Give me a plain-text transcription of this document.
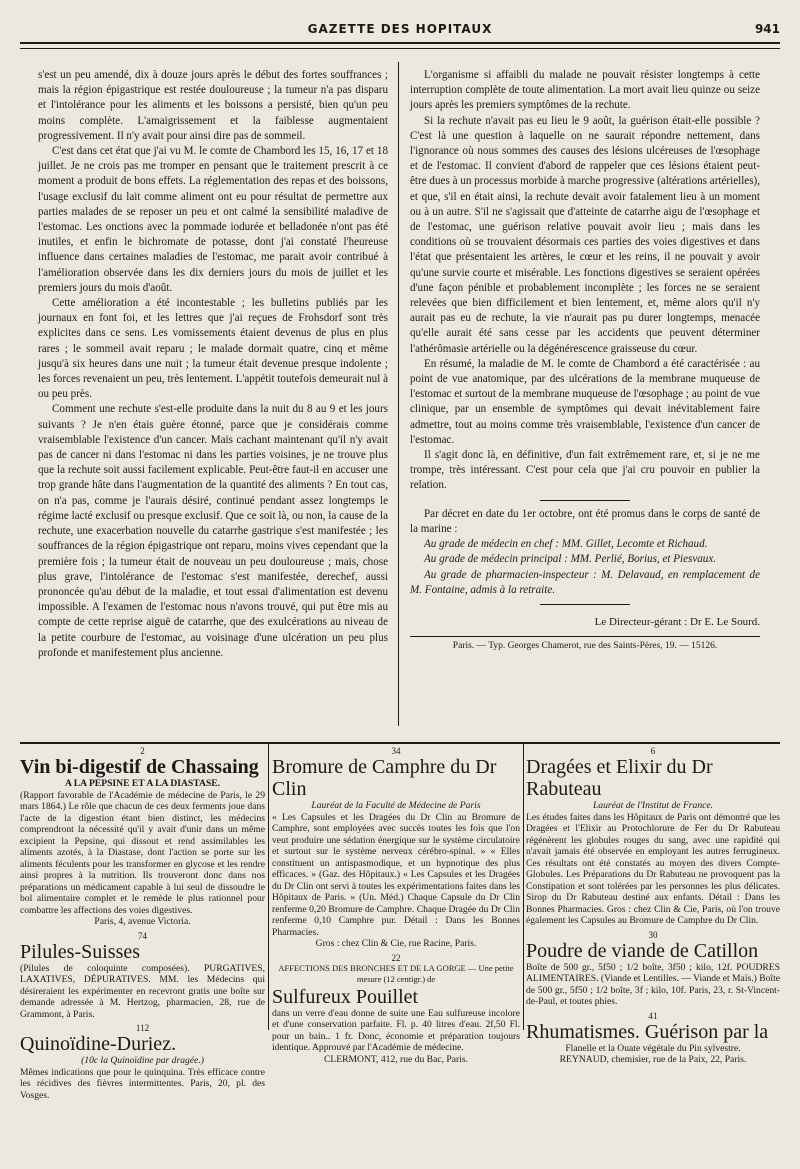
GAZETTE DES HOPITAUX	941

s'est un peu amendé, dix à douze jours après le début des fortes souffrances ; mais la région épigastrique est restée douloureuse ; la tumeur n'a pas disparu et l'intolérance pour les aliments et les boissons a persisté, bien qu'un peu moins complète. L'amaigrissement et la faiblesse augmentaient progressivement. Il n'y avait pour ainsi dire pas de sommeil.

C'est dans cet état que j'ai vu M. le comte de Chambord les 15, 16, 17 et 18 juillet. Je ne crois pas me tromper en pensant que le traitement prescrit à ce moment a produit de bons effets. La réglementation des repas et des boissons, l'usage exclusif du lait comme aliment ont eu pour résultat de permettre aux parties malades de se reposer un peu et ont calmé la sensibilité maladive de l'estomac. Les onctions avec la pommade iodurée et belladonée n'ont pas été inutiles, et enfin le bichromate de potasse, dont j'ai constaté l'heureuse influence dans certaines maladies de l'estomac, me parait avoir contribué à l'amélioration observée dans les dix derniers jours du mois de juillet et les premiers jours du mois d'août.

Cette amélioration a été incontestable ; les bulletins publiés par les journaux en font foi, et les lettres que j'ai reçues de Frohsdorf sont très explicites dans ce sens. Les vomissements étaient devenus de plus en plus rares ; le sommeil avait reparu ; le malade dormait quatre, cinq et même jusqu'à six heures dans une nuit ; la tumeur était devenue presque indolente ; les forces revenaient un peu, très lentement. L'appétit toutefois demeurait nul à ou peu près.

Comment une rechute s'est-elle produite dans la nuit du 8 au 9 et les jours suivants ? Je n'en étais guère étonné, parce que je considérais comme vraisemblable l'existence d'un cancer. Mais cachant maintenant qu'il n'y avait pas de cancer ni dans l'estomac ni dans les parties voisines, je ne trouve plus que la rechute soit aussi facilement explicable. Peut-être faut-il en accuser une trop grande hâte dans l'augmentation de la quantité des aliments ? En tout cas, on n'a pas, comme je l'aurais désiré, continué pendant assez longtemps le régime lacté exclusif ou presque exclusif. Que ce soit là, ou non, la cause de la rechute, une exacerbation nouvelle du catarrhe gastrique s'est manifestée ; les souffrances de la région épigastrique ont reparu, moins vives cependant que la première fois ; la tumeur était de nouveau un peu douloureuse ; mais, chose plus grave, l'intolérance de l'estomac s'est manifestée, derechef, aussi prononcée qu'au début de la maladie, et tout essai d'alimentation est devenu impossible. A l'examen de l'estomac nous n'avons trouvé, qui put être mis au compte de cette reprise aiguë de catarrhe, que des exulcérations au niveau de la petite courbure de l'estomac, au voisinage d'une ulcération un peu plus profonde et manifestement plus ancienne.

L'organisme si affaibli du malade ne pouvait résister longtemps à cette interruption complète de toute alimentation. La mort avait lieu quinze ou seize jours après les premiers symptômes de la rechute.

Si la rechute n'avait pas eu lieu le 9 août, la guérison était-elle possible ? C'est là une question à laquelle on ne saurait répondre nettement, dans l'ignorance où nous sommes des causes des lésions ulcéreuses de l'œsophage et de l'estomac. Il convient d'abord de rappeler que ces lésions étaient peut-être dues à un processus morbide à marche progressive (altérations artérielles), et que, s'il en était ainsi, la rechute devait avoir fatalement lieu à un moment ou à un autre. S'il ne s'agissait que d'atteinte de catarrhe aigu de l'œsophage et de l'estomac, une guérison relative pouvait avoir lieu ; mais dans les conditions où se trouvaient désormais ces parties des voies digestives et dans l'état que présentaient les artères, le cœur et les reins, il ne pouvait y avoir qu'une survie courte et misérable. Les fonctions digestives se seraient opérées d'une façon pénible et probablement incomplète ; les forces ne se seraient relevées que bien difficilement et bien lentement, et, même alors qu'il n'y aurait pas eu de rechute, la vie n'aurait pas pu durer longtemps, menacée qu'elle aurait été sans cesse par les accidents que peuvent déterminer l'athérômasie artérielle ou la dégénérescence graisseuse du cœur.

En résumé, la maladie de M. le comte de Chambord a été caractérisée : au point de vue anatomique, par des ulcérations de la membrane muqueuse de l'estomac et surtout de la membrane muqueuse de l'œsophage ; au point de vue clinique, par un ensemble de symptômes qui devait inévitablement faire admettre, tout au moins comme très vraisemblable, l'existence d'un cancer de l'estomac.

Il s'agit donc là, en définitive, d'un fait extrêmement rare, et, si je ne me trompe, très intéressant. C'est pour cela que j'ai cru pouvoir en publier la relation.

Par décret en date du 1er octobre, ont été promus dans le corps de santé de la marine :

Au grade de médecin en chef : MM. Gillet, Lecomte et Richaud.

Au grade de médecin principal : MM. Perlié, Borius, et Piesvaux.

Au grade de pharmacien-inspecteur : M. Delavaud, en remplacement de M. Fontaine, admis à la retraite.

Le Directeur-gérant : Dr E. Le Sourd.
Paris. — Typ. Georges Chamerot, rue des Saints-Pères, 19. — 15126.
2
Vin bi-digestif de Chassaing
A LA PEPSINE ET A LA DIASTASE.
(Rapport favorable de l'Académie de médecine de Paris, le 29 mars 1864.) Le rôle que chacun de ces deux ferments joue dans l'acte de la digestion étant bien distinct, les médecins comprendront la nécessité qu'il y avait d'unir dans un même excipient la Pepsine, qui dissout et rend assimilables les aliments azotés, à la Diastase, dont l'action se porte sur les aliments féculents pour les transformer en glycose et les rendre ainsi propres à la nutrition. Ils trouveront donc dans nos préparations un médicament capable à lui seul de dissoudre le bol alimentaire complet et le remède le plus rationnel pour combattre les affections des voies digestives.
Paris, 4, avenue Victoria.
74
Pilules-Suisses
(Pilules de coloquinte composées). PURGATIVES, LAXATIVES, DÉPURATIVES. MM. les Médecins qui désireraient les expérimenter en recevront gratis une boîte sur demande adressée à M. Hertzog, pharmacien, 28, rue de Grammont, à Paris.
112
Quinoïdine-Duriez.
(10c la Quinoïdine par dragée.)
Mêmes indications que pour le quinquina. Très efficace contre les récidives des fièvres intermittentes. Paris, 20, pl. des Vosges.
34
Bromure de Camphre du Dr Clin
Lauréat de la Faculté de Médecine de Paris
« Les Capsules et les Dragées du Dr Clin au Bromure de Camphre, sont employées avec succès toutes les fois que l'on veut produire une sédation énergique sur le système circulatoire et surtout sur le système nerveux cérébro-spinal. » « Elles constituent un antispasmodique, et un hypnotique des plus efficaces. » (Gaz. des Hôpitaux.) « Les Capsules et les Dragées du Dr Clin ont servi à toutes les expérimentations faites dans les Hôpitaux de Paris. » (Un. Méd.) Chaque Capsule du Dr Clin renferme 0,20 Bromure de Camphre. Chaque Dragée du Dr Clin renferme 0,10 Camphre pur. Détail : Dans les Bonnes Pharmacies.
Gros : chez Clin & Cie, rue Racine, Paris.
22
AFFECTIONS DES BRONCHES ET DE LA GORGE — Une petite mesure (12 centigr.) de
Sulfureux Pouillet
dans un verre d'eau donne de suite une Eau sulfureuse incolore et d'une conservation parfaite. Fl. p. 40 litres d'eau. 2f,50 Fl. pour un bain.. 1 fr. Donc, économie et préparation toujours identique. Approuvé par l'Académie de médecine.
CLERMONT, 412, rue du Bac, Paris.
6
Dragées et Elixir du Dr Rabuteau
Lauréat de l'Institut de France.
Les études faites dans les Hôpitaux de Paris ont démontré que les Dragées et l'Elixir au Protochlorure de Fer du Dr Rabuteau régénèrent les globules rouges du sang, avec une rapidité qui n'avait jamais été observée en employant les autres ferrugineux. Ces résultats ont été constatés au moyen des divers Compte-Globules. Les Préparations du Dr Rabuteau ne provoquent pas la Constipation et sont tolérées par les personnes les plus délicates. Sirop du Dr Rabuteau destiné aux enfants. Détail : Dans les Bonnes Pharmacies. Gros : chez Clin & Cie, Paris, où l'on trouve également les Capsules au Bromure de Camphre du Dr Clin.
30
Poudre de viande de Catillon
Boîte de 500 gr., 5f50 ; 1/2 boîte, 3f50 ; kilo, 12f. POUDRES ALIMENTAIRES. (Viande et Lentilles. — Viande et Maïs.) Boîte de 500 gr., 5f50 ; 1/2 boîte, 3f ; kilo, 10f. Paris, 23, r. St-Vincent-de-Paul, et toutes phies.
41
Rhumatismes. Guérison par la
Flanelle et la Ouate végétale du Pin sylvestre.
REYNAUD, chemisier, rue de la Paix, 22, Paris.
